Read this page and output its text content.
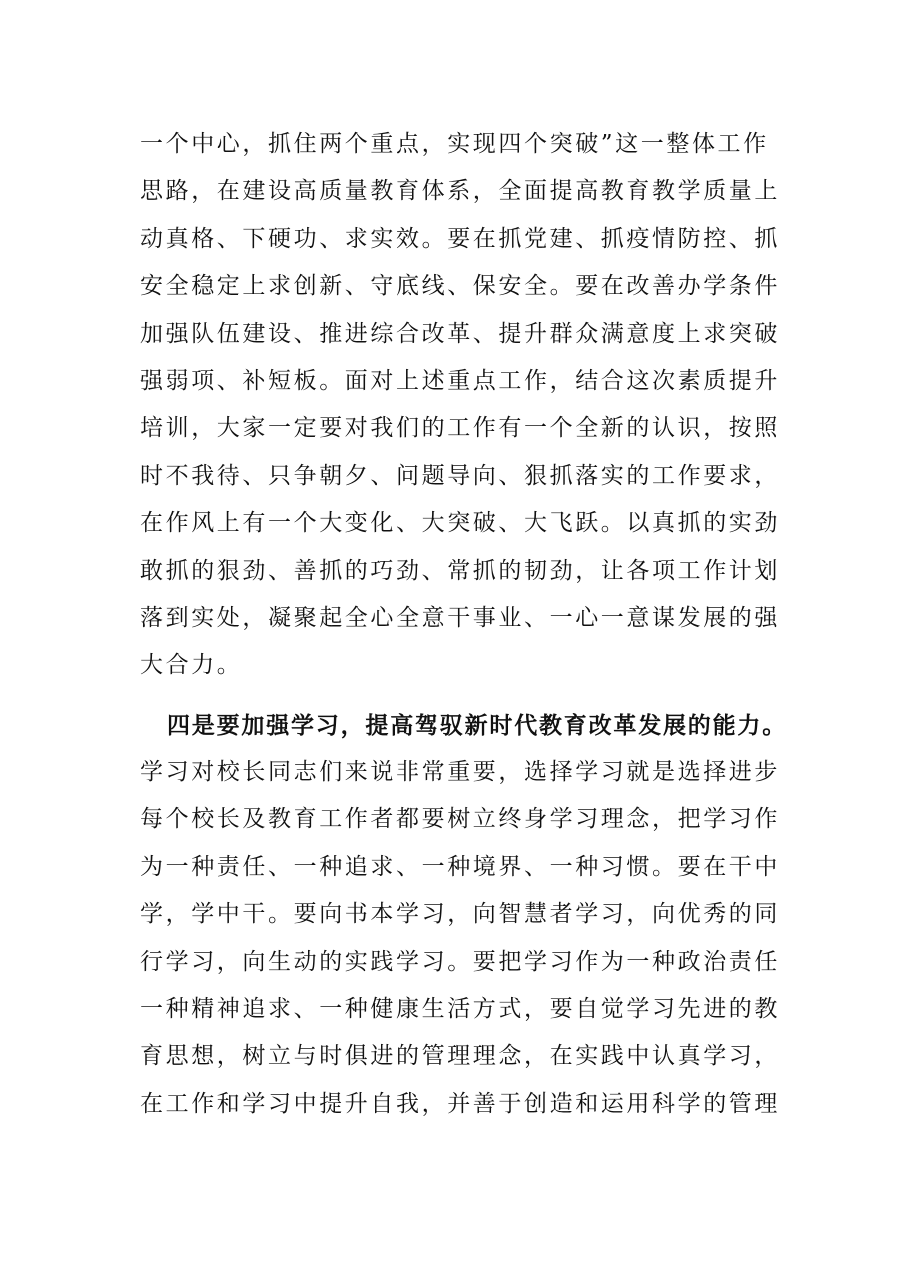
一个中心，抓住两个重点，实现四个突破”这一整体工作
思路，在建设高质量教育体系，全面提高教育教学质量上
动真格、下硬功、求实效。要在抓党建、抓疫情防控、抓
安全稳定上求创新、守底线、保安全。要在改善办学条件
加强队伍建设、推进综合改革、提升群众满意度上求突破
强弱项、补短板。面对上述重点工作，结合这次素质提升
培训，大家一定要对我们的工作有一个全新的认识，按照
时不我待、只争朝夕、问题导向、狠抓落实的工作要求，
在作风上有一个大变化、大突破、大飞跃。以真抓的实劲
敢抓的狠劲、善抓的巧劲、常抓的韧劲，让各项工作计划
落到实处，凝聚起全心全意干事业、一心一意谋发展的强
大合力。
四是要加强学习，提高驾驭新时代教育改革发展的能力。
学习对校长同志们来说非常重要，选择学习就是选择进步
每个校长及教育工作者都要树立终身学习理念，把学习作
为一种责任、一种追求、一种境界、一种习惯。要在干中
学，学中干。要向书本学习，向智慧者学习，向优秀的同
行学习，向生动的实践学习。要把学习作为一种政治责任
一种精神追求、一种健康生活方式，要自觉学习先进的教
育思想，树立与时俱进的管理理念，在实践中认真学习，
在工作和学习中提升自我，并善于创造和运用科学的管理
